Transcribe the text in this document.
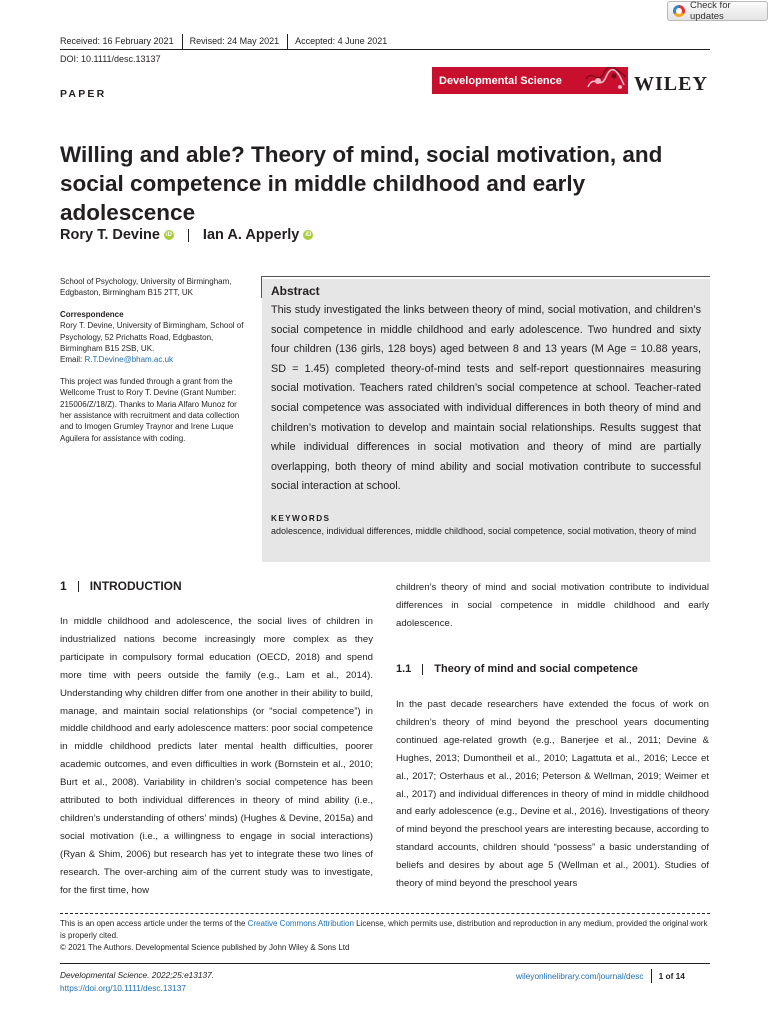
Check for updates
Received: 16 February 2021	Revised: 24 May 2021	Accepted: 4 June 2021
DOI: 10.1111/desc.13137
PAPER
Developmental Science	WILEY
Willing and able? Theory of mind, social motivation, and social competence in middle childhood and early adolescence
Rory T. Devine	iD Ian A. Apperly	iD

School of Psychology, University of Birmingham, Edgbaston, Birmingham B15 2TT, UK

Correspondence
Rory T. Devine, University of Birmingham, School of Psychology, 52 Prichatts Road, Edgbaston, Birmingham B15 2SB, UK.
Email: R.T.Devine@bham.ac.uk

This project was funded through a grant from the Wellcome Trust to Rory T. Devine (Grant Number: 215006/Z/18/Z). Thanks to Maria Alfaro Munoz for her assistance with recruitment and data collection and to Imogen Grumley Traynor and Irene Luque Aguilera for assistance with coding.

Abstract
This study investigated the links between theory of mind, social motivation, and children’s social competence in middle childhood and early adolescence. Two hundred and sixty four children (136 girls, 128 boys) aged between 8 and 13 years (M Age = 10.88 years, SD = 1.45) completed theory-of-mind tests and self-report questionnaires measuring social motivation. Teachers rated children’s social competence at school. Teacher-rated social competence was associated with individual differences in both theory of mind and children’s motivation to develop and maintain social relationships. Results suggest that while individual differences in social motivation and theory of mind are partially overlapping, both theory of mind ability and social motivation contribute to successful social interaction at school.
KEYWORDS
adolescence, individual differences, middle childhood, social competence, social motivation, theory of mind
1 INTRODUCTION
In middle childhood and adolescence, the social lives of children in industrialized nations become increasingly more complex as they participate in compulsory formal education (OECD, 2018) and spend more time with peers outside the family (e.g., Lam et al., 2014). Understanding why children differ from one another in their ability to build, manage, and maintain social relationships (or “social competence”) in middle childhood and early adolescence matters: poor social competence in middle childhood predicts later mental health difficulties, poorer academic outcomes, and even difficulties in work (Bornstein et al., 2010; Burt et al., 2008). Variability in children’s social competence has been attributed to both individual differences in theory of mind ability (i.e., children’s understanding of others’ minds) (Hughes & Devine, 2015a) and social motivation (i.e., a willingness to engage in social interactions) (Ryan & Shim, 2006) but research has yet to integrate these two lines of research. The over-arching aim of the current study was to investigate, for the first time, how
children’s theory of mind and social motivation contribute to individual differences in social competence in middle childhood and early adolescence.
1.1 Theory of mind and social competence
In the past decade researchers have extended the focus of work on children’s theory of mind beyond the preschool years documenting continued age-related growth (e.g., Banerjee et al., 2011; Devine & Hughes, 2013; Dumontheil et al., 2010; Lagattuta et al., 2016; Lecce et al., 2017; Osterhaus et al., 2016; Peterson & Wellman, 2019; Weimer et al., 2017) and individual differences in theory of mind in middle childhood and early adolescence (e.g., Devine et al., 2016). Investigations of theory of mind beyond the preschool years are interesting because, according to standard accounts, children should “possess” a basic understanding of beliefs and desires by about age 5 (Wellman et al., 2001). Studies of theory of mind beyond the preschool years
This is an open access article under the terms of the Creative Commons Attribution License, which permits use, distribution and reproduction in any medium, provided the original work is properly cited.
© 2021 The Authors. Developmental Science published by John Wiley & Sons Ltd
Developmental Science. 2022;25:e13137.
https://doi.org/10.1111/desc.13137
wileyonlinelibrary.com/journal/desc 1 of 14
